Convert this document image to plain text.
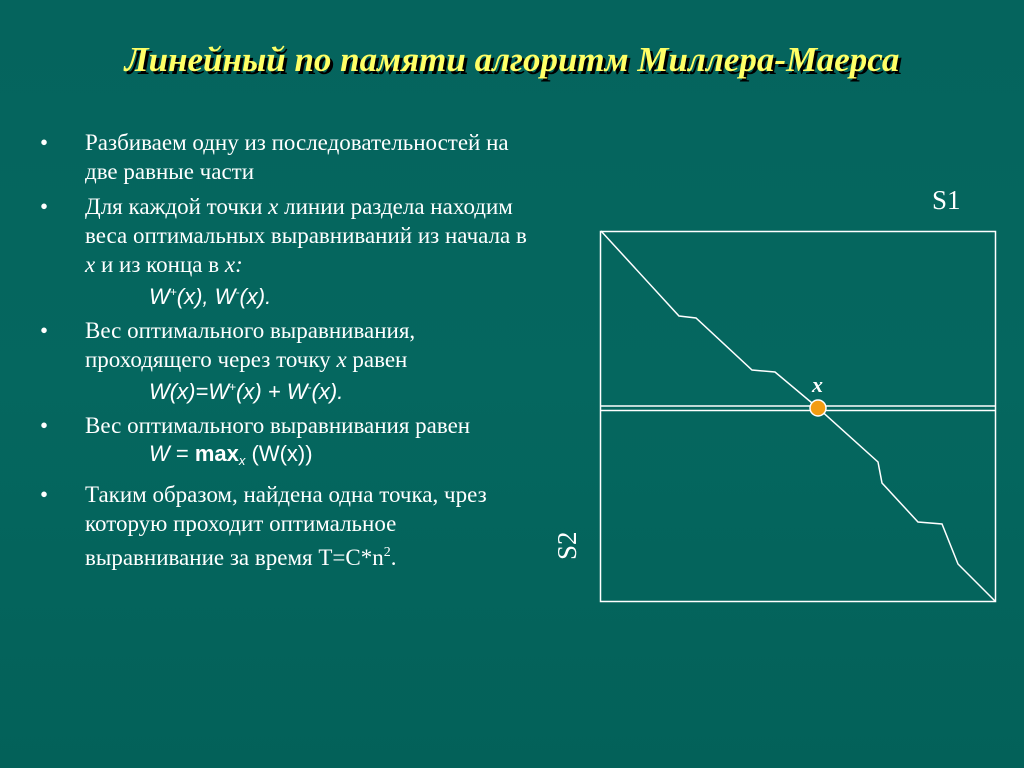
Линейный по памяти алгоритм Миллера-Маерса
• Разбиваем одну из последовательностей на две равные части
• Для каждой точки x линии раздела находим веса оптимальных выравниваний из начала в x и из конца в x:
W+(x), W-(x).
• Вес оптимального выравнивания, проходящего через точку x равен
W(x)=W+(x) + W-(x).
• Вес оптимального выравнивания равен
$W = \max_x (W(x))$
• Таким образом, найдена одна точка, чрез которую проходит оптимальное выравнивание за время $T=C*n^2$.
S1
S2
x
